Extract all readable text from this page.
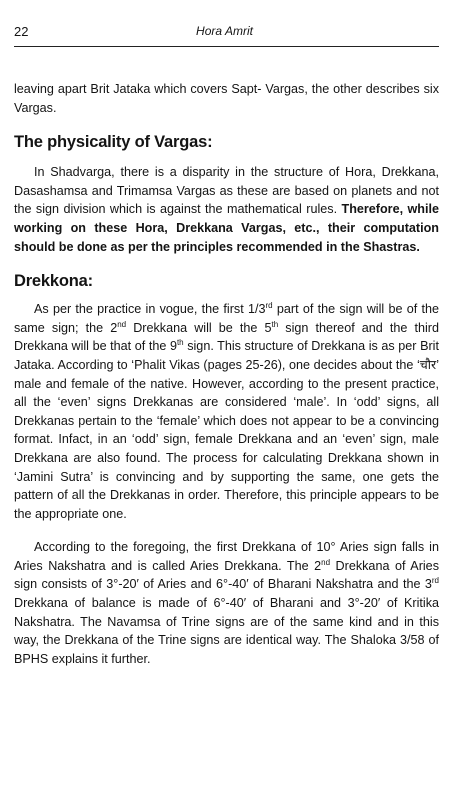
22	Hora Amrit

leaving apart Brit Jataka which covers Sapt- Vargas, the other describes six Vargas.

The physicality of Vargas:

In Shadvarga, there is a disparity in the structure of Hora, Drekkana, Dasashamsa and Trimamsa Vargas as these are based on planets and not the sign division which is against the mathematical rules. Therefore, while working on these Hora, Drekkana Vargas, etc., their computation should be done as per the principles recommended in the Shastras.

Drekkona:

As per the practice in vogue, the first 1/3rd part of the sign will be of the same sign; the 2nd Drekkana will be the 5th sign thereof and the third Drekkana will be that of the 9th sign. This structure of Drekkana is as per Brit Jataka. According to ‘Phalit Vikas (pages 25-26), one decides about the ‘चौर’ male and female of the native. However, according to the present practice, all the ‘even’ signs Drekkanas are considered ‘male’. In ‘odd’ signs, all Drekkanas pertain to the ‘female’ which does not appear to be a convincing format. Infact, in an ‘odd’ sign, female Drekkana and an ‘even’ sign, male Drekkana are also found. The process for calculating Drekkana shown in ‘Jamini Sutra’ is convincing and by supporting the same, one gets the pattern of all the Drekkanas in order. Therefore, this principle appears to be the appropriate one.

According to the foregoing, the first Drekkana of 10° Aries sign falls in Aries Nakshatra and is called Aries Drekkana. The 2nd Drekkana of Aries sign consists of 3°-20′ of Aries and 6°-40′ of Bharani Nakshatra and the 3rd Drekkana of balance is made of 6°-40′ of Bharani and 3°-20′ of Kritika Nakshatra. The Navamsa of Trine signs are of the same kind and in this way, the Drekkana of the Trine signs are identical way. The Shaloka 3/58 of BPHS explains it further.
